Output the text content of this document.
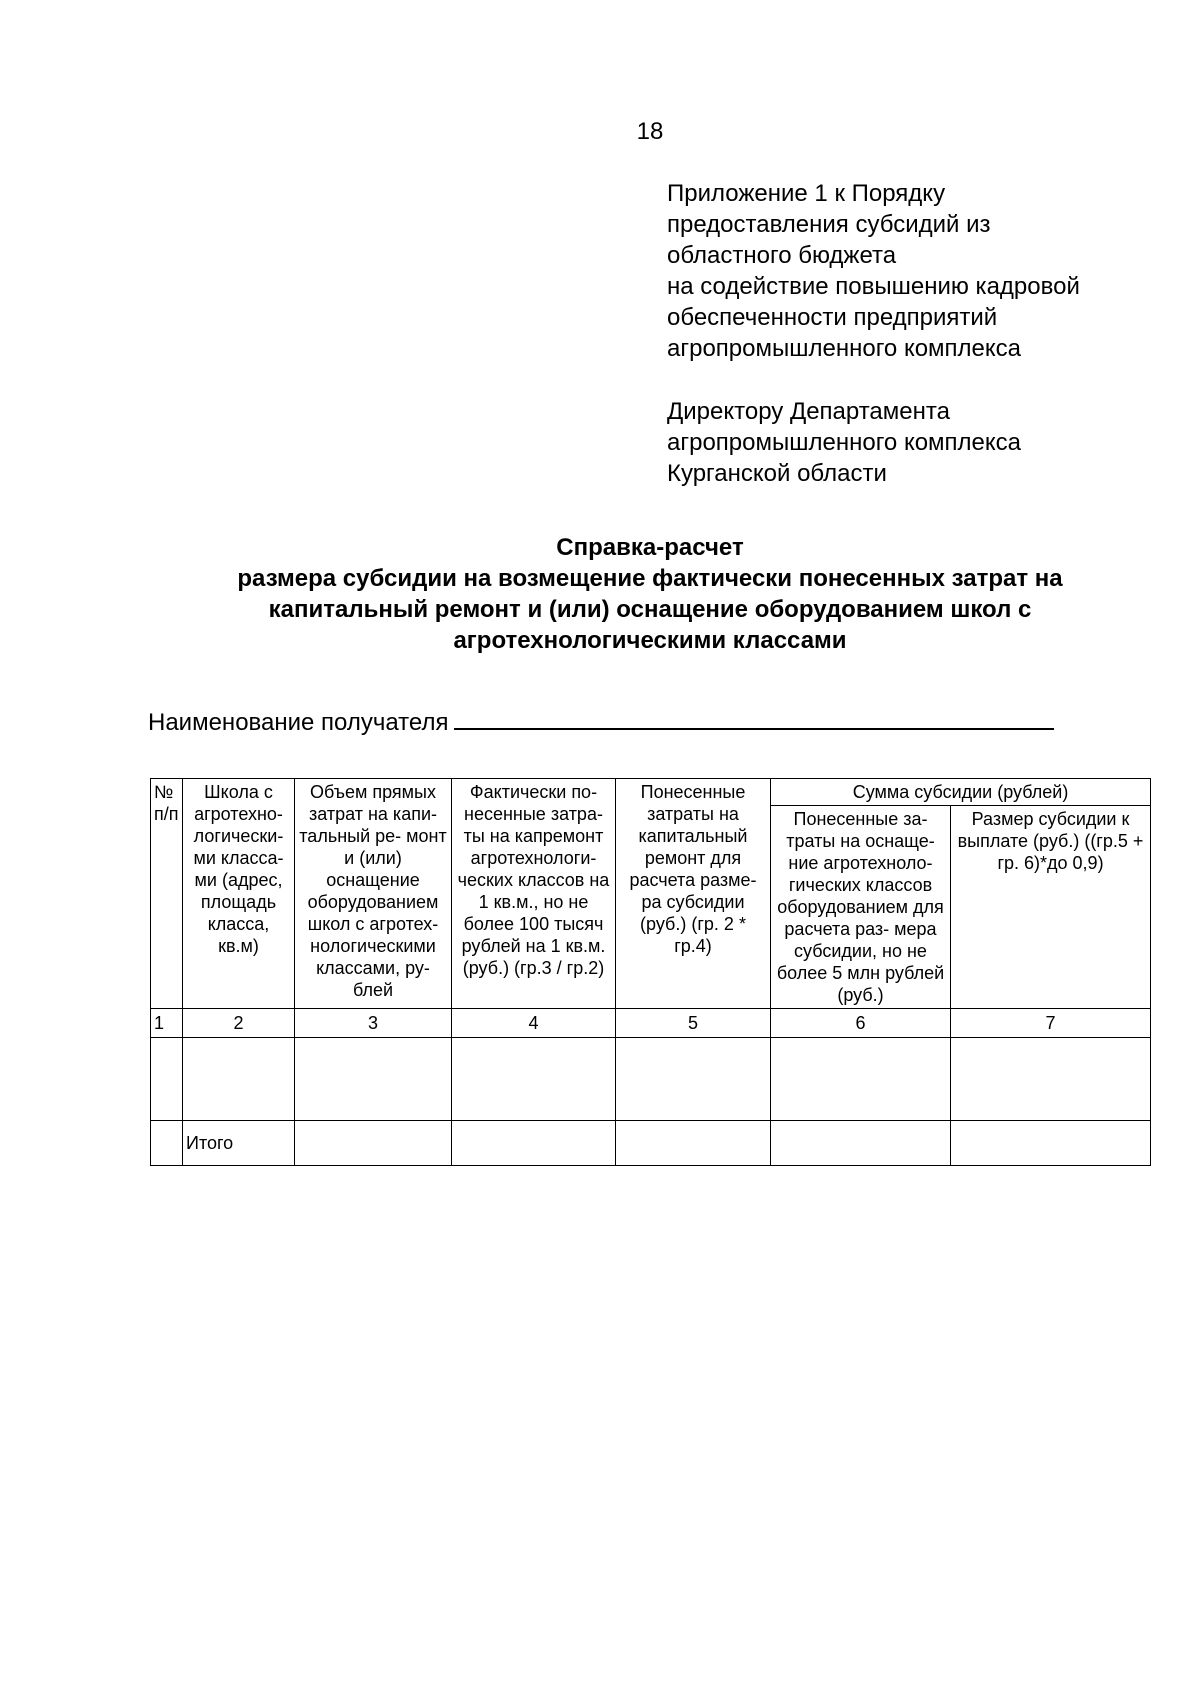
18
Приложение 1 к Порядку
предоставления субсидий из
областного бюджета
на содействие повышению кадровой
обеспеченности предприятий
агропромышленного комплекса
Директору Департамента
агропромышленного комплекса
Курганской области
Справка-расчет
размера субсидии на возмещение фактически понесенных затрат на
капитальный ремонт и (или) оснащение оборудованием школ с
агротехнологическими классами
Наименование получателя
№ п/п	Школа с агротехно- логически- ми класса- ми (адрес, площадь класса, кв.м)	Объем прямых затрат на капи- тальный ре- монт и (или) оснащение оборудованием школ с агротех- нологическими классами, ру- блей	Фактически по- несенные затра- ты на капремонт агротехнологи- ческих классов на 1 кв.м., но не более 100 тысяч рублей на 1 кв.м. (руб.) (гр.3 / гр.2)	Понесенные затраты на капитальный ремонт для расчета разме- ра субсидии (руб.) (гр. 2 * гр.4)	Сумма субсидии (рублей)	
					Понесенные за- траты на оснаще- ние агротехноло- гических классов оборудованием для расчета раз- мера субсидии, но не более 5 млн рублей (руб.)	Размер субсидии к выплате (руб.) ((гр.5 + гр. 6)*до 0,9)
1	2	3	4	5	6	7

	Итого					
